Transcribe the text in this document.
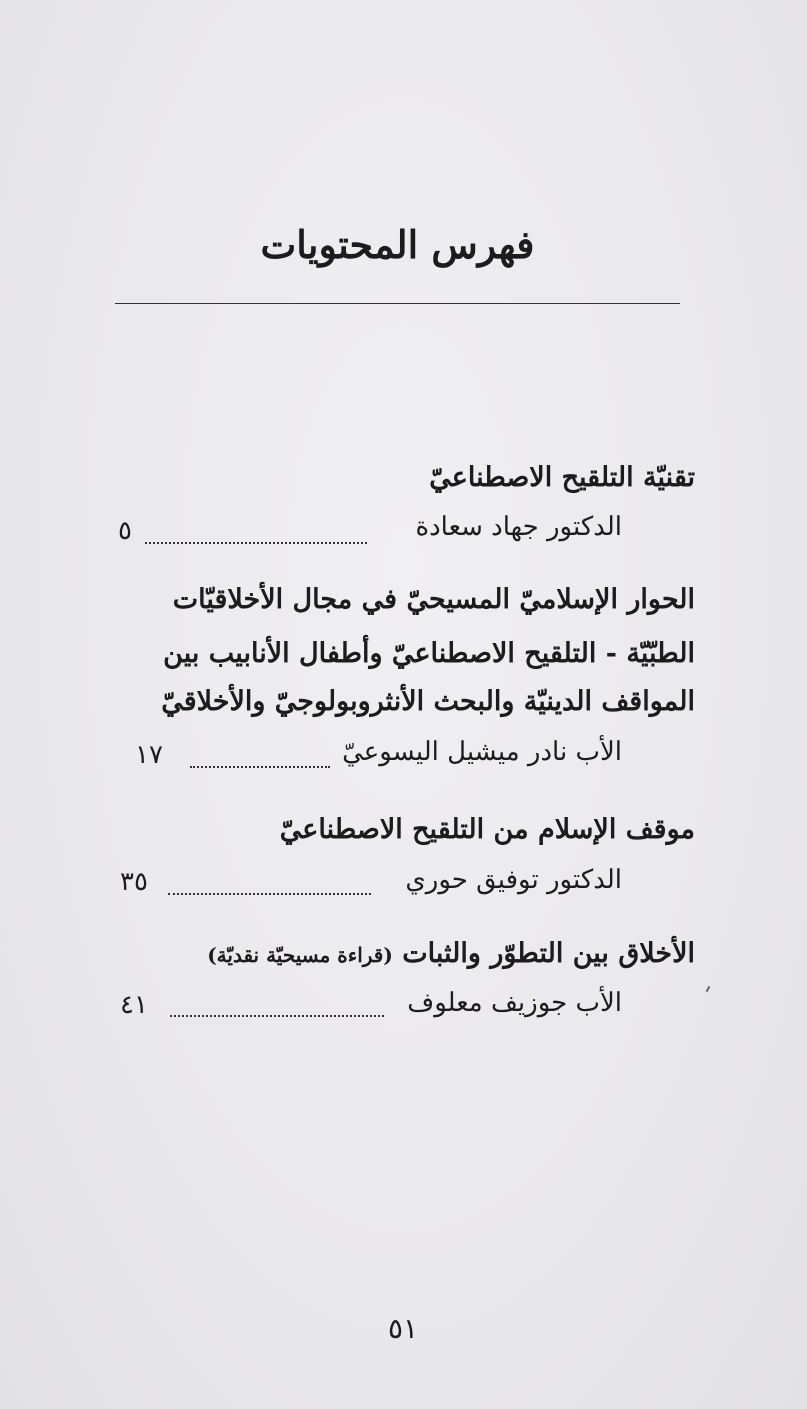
فهرس المحتويات
تقنيّة التلقيح الاصطناعيّ
الدكتور جهاد سعادة
٥
الحوار الإسلاميّ المسيحيّ في مجال الأخلاقيّات
الطبّيّة - التلقيح الاصطناعيّ وأطفال الأنابيب بين
المواقف الدينيّة والبحث الأنثروبولوجيّ والأخلاقيّ
الأب نادر ميشيل اليسوعيّ
١٧
موقف الإسلام من التلقيح الاصطناعيّ
الدكتور توفيق حوري
٣٥
الأخلاق بين التطوّر والثبات (قراءة مسيحيّة نقديّة)
الأب جوزيف معلوف
٤١
٥١
